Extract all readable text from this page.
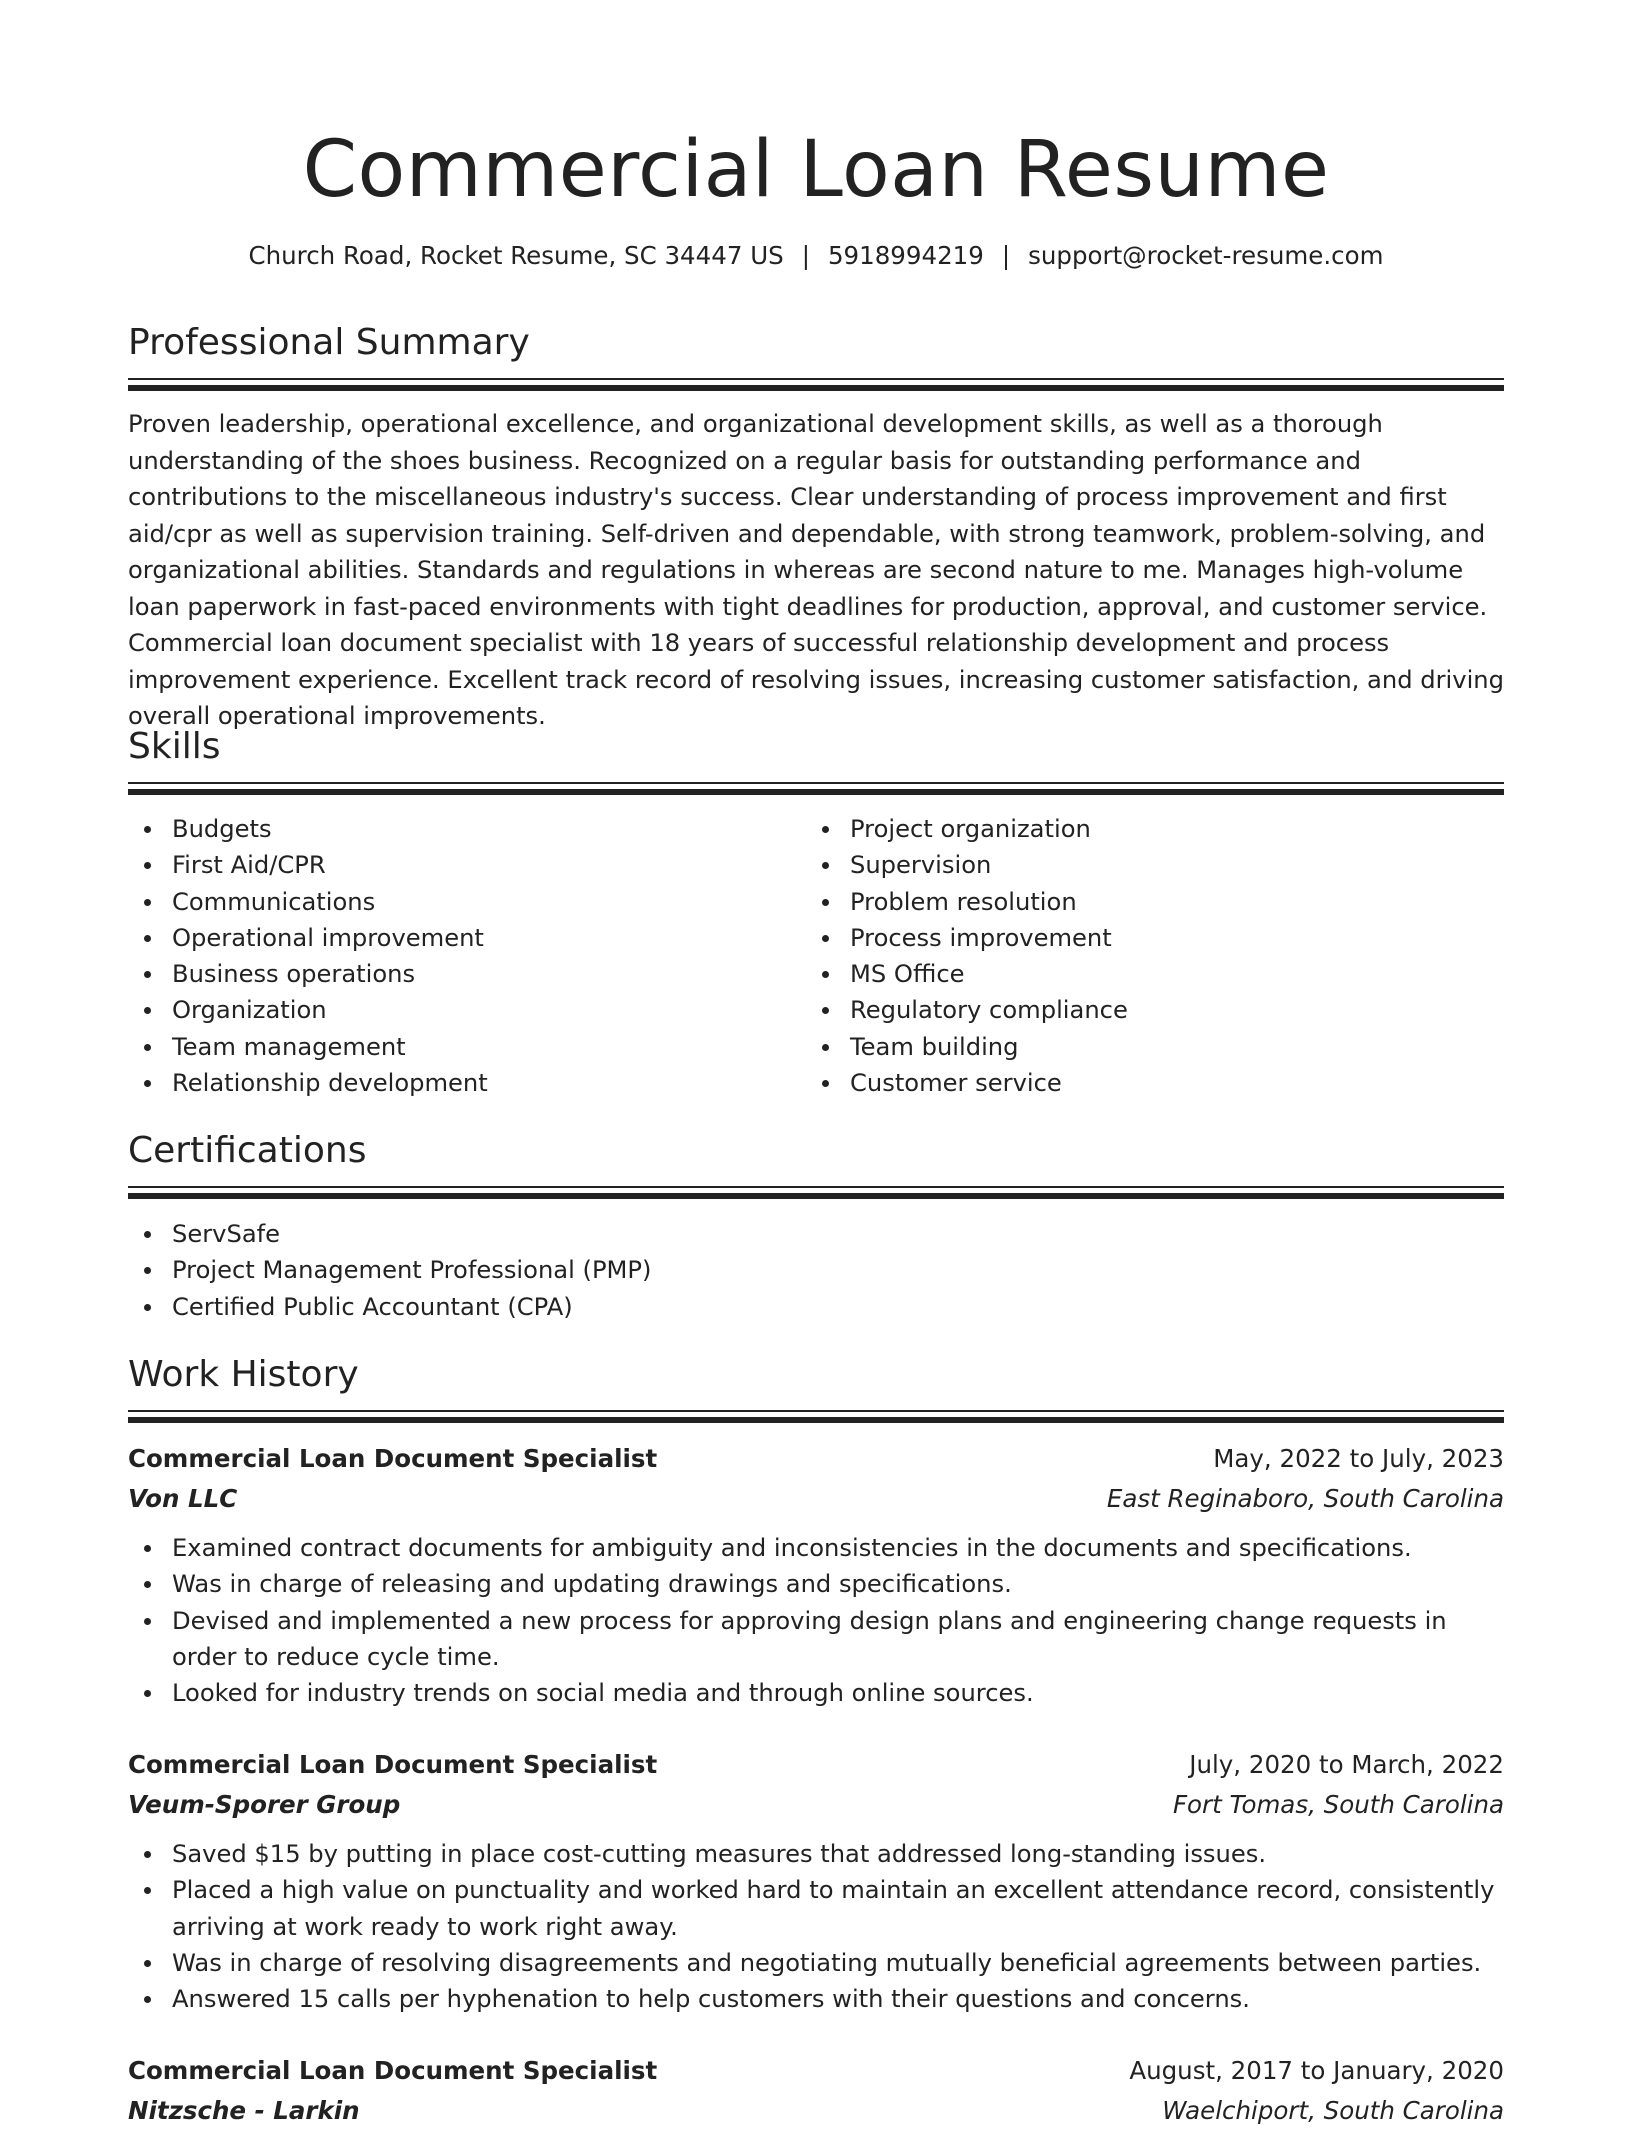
Commercial Loan Resume
Church Road, Rocket Resume, SC 34447 US | 5918994219 | support@rocket-resume.com
Professional Summary

Proven leadership, operational excellence, and organizational development skills, as well as a thorough understanding of the shoes business. Recognized on a regular basis for outstanding performance and contributions to the miscellaneous industry's success. Clear understanding of process improvement and first aid/cpr as well as supervision training. Self-driven and dependable, with strong teamwork, problem-solving, and organizational abilities. Standards and regulations in whereas are second nature to me. Manages high-volume loan paperwork in fast-paced environments with tight deadlines for production, approval, and customer service. Commercial loan document specialist with 18 years of successful relationship development and process improvement experience. Excellent track record of resolving issues, increasing customer satisfaction, and driving overall operational improvements.

Skills
Budgets
First Aid/CPR
Communications
Operational improvement
Business operations
Organization
Team management
Relationship development
Project organization
Supervision
Problem resolution
Process improvement
MS Office
Regulatory compliance
Team building
Customer service
Certifications
ServSafe
Project Management Professional (PMP)
Certified Public Accountant (CPA)
Work History
Commercial Loan Document Specialist	May, 2022 to July, 2023
Von LLC	East Reginaboro, South Carolina
Examined contract documents for ambiguity and inconsistencies in the documents and specifications.
Was in charge of releasing and updating drawings and specifications.
Devised and implemented a new process for approving design plans and engineering change requests in order to reduce cycle time.
Looked for industry trends on social media and through online sources.
Commercial Loan Document Specialist	July, 2020 to March, 2022
Veum-Sporer Group	Fort Tomas, South Carolina
Saved $15 by putting in place cost-cutting measures that addressed long-standing issues.
Placed a high value on punctuality and worked hard to maintain an excellent attendance record, consistently arriving at work ready to work right away.
Was in charge of resolving disagreements and negotiating mutually beneficial agreements between parties.
Answered 15 calls per hyphenation to help customers with their questions and concerns.
Commercial Loan Document Specialist	August, 2017 to January, 2020
Nitzsche - Larkin	Waelchiport, South Carolina
